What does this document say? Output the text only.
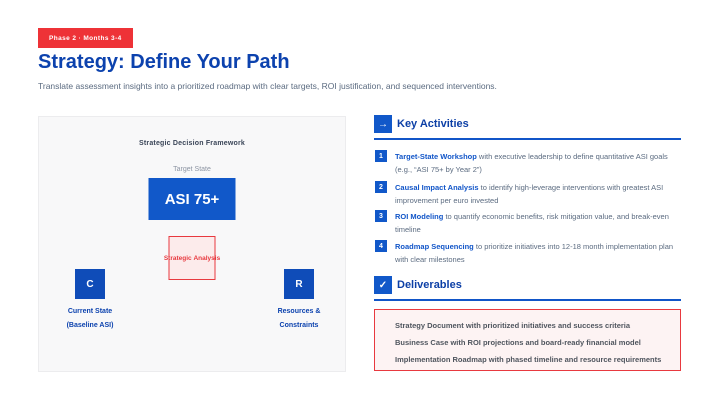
Phase 2 · Months 3-4
Strategy: Define Your Path
Translate assessment insights into a prioritized roadmap with clear targets, ROI justification, and sequenced interventions.
Strategic Decision Framework
Target State
ASI 75+
Strategic Analysis
C
Current State
(Baseline ASI)
R
Resources &
Constraints
→ Key Activities
1	Target-State Workshop with executive leadership to define quantitative ASI goals (e.g., “ASI 75+ by Year 2”)
2	Causal Impact Analysis to identify high-leverage interventions with greatest ASI improvement per euro invested
3	ROI Modeling to quantify economic benefits, risk mitigation value, and break-even timeline
4	Roadmap Sequencing to prioritize initiatives into 12-18 month implementation plan with clear milestones
✓ Deliverables
Strategy Document with prioritized initiatives and success criteria
Business Case with ROI projections and board-ready financial model
Implementation Roadmap with phased timeline and resource requirements
